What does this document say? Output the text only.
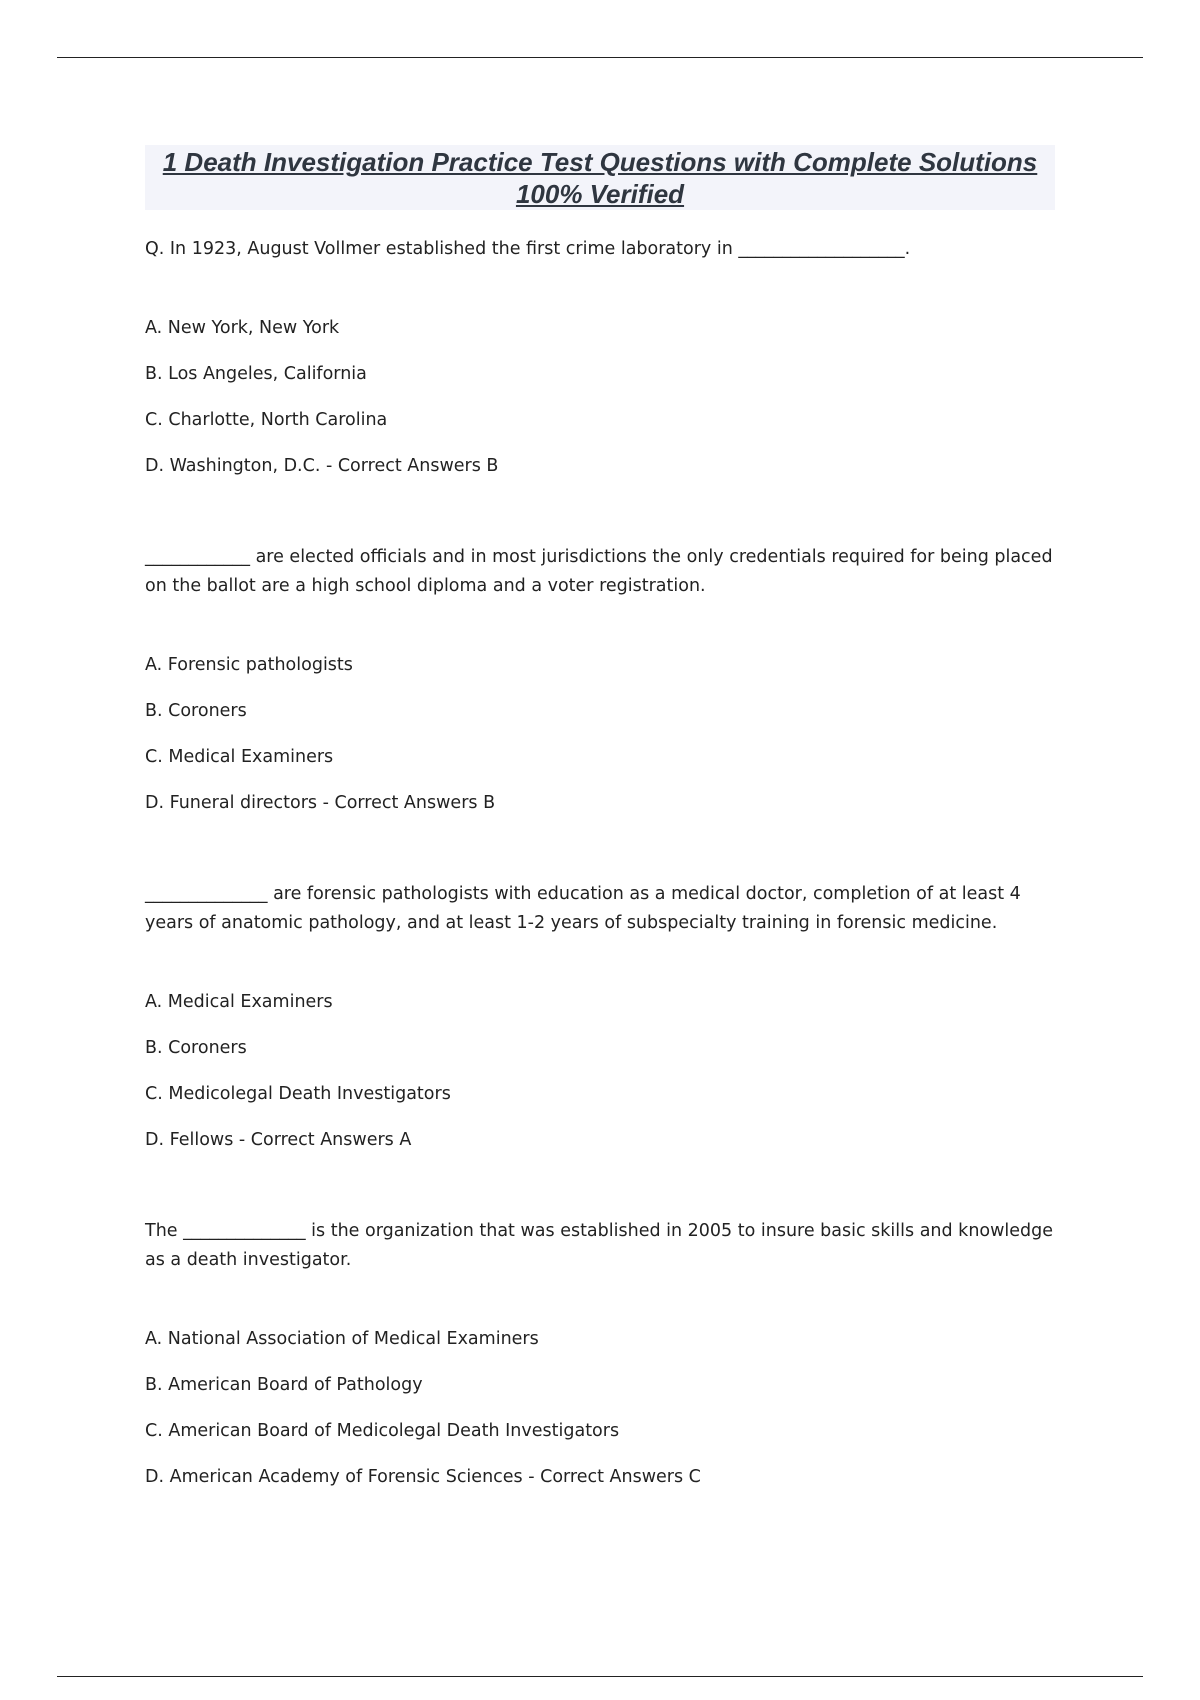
1 Death Investigation Practice Test Questions with Complete Solutions 100% Verified

Q. In 1923, August Vollmer established the first crime laboratory in ___________________.

A. New York, New York
B. Los Angeles, California
C. Charlotte, North Carolina
D. Washington, D.C. - Correct Answers B

____________ are elected officials and in most jurisdictions the only credentials required for being placed on the ballot are a high school diploma and a voter registration.

A. Forensic pathologists
B. Coroners
C. Medical Examiners
D. Funeral directors - Correct Answers B

______________ are forensic pathologists with education as a medical doctor, completion of at least 4 years of anatomic pathology, and at least 1-2 years of subspecialty training in forensic medicine.

A. Medical Examiners
B. Coroners
C. Medicolegal Death Investigators
D. Fellows - Correct Answers A

The ______________ is the organization that was established in 2005 to insure basic skills and knowledge as a death investigator.

A. National Association of Medical Examiners
B. American Board of Pathology
C. American Board of Medicolegal Death Investigators
D. American Academy of Forensic Sciences - Correct Answers C
